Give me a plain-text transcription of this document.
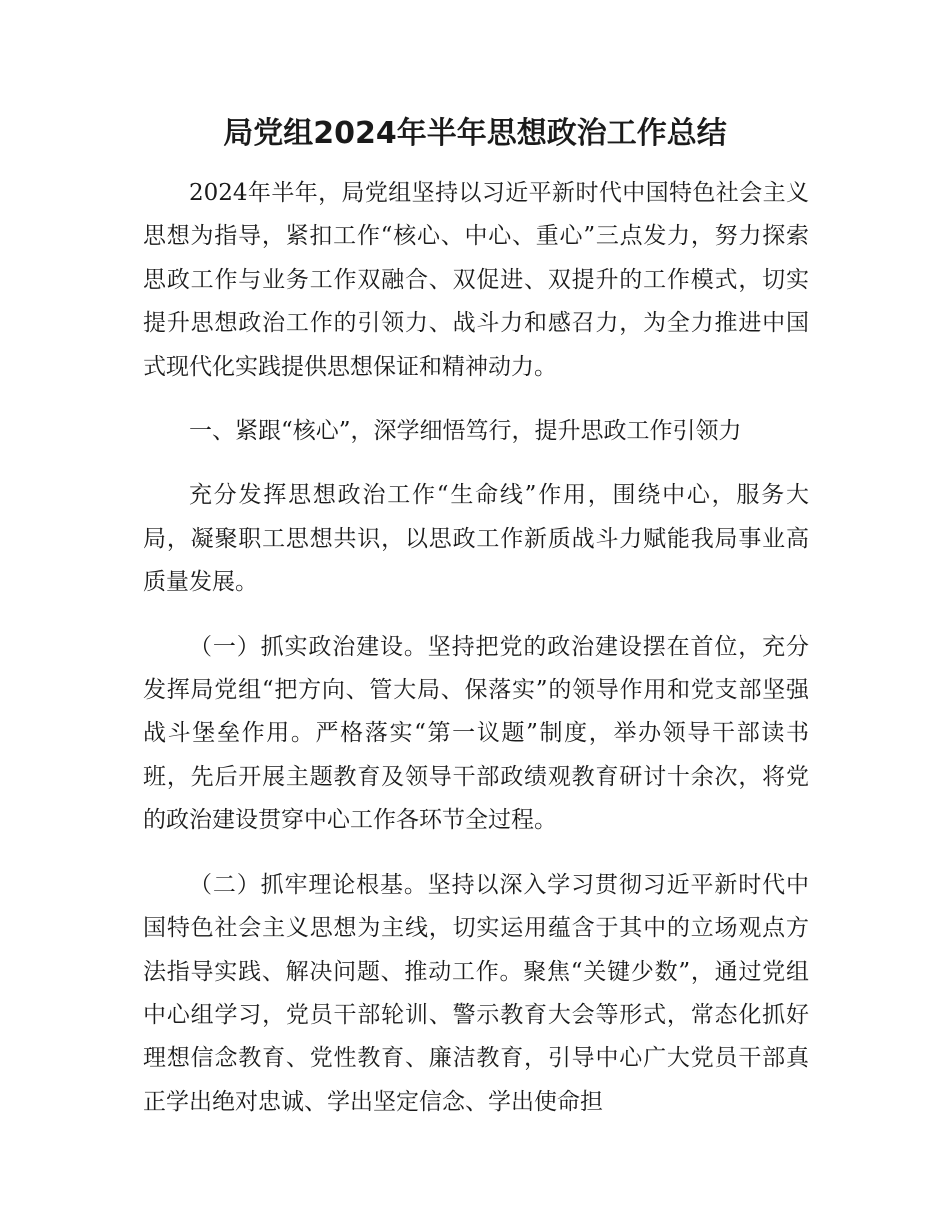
局党组2024年半年思想政治工作总结

2024年半年，局党组坚持以习近平新时代中国特色社会主义思想为指导，紧扣工作“核心、中心、重心”三点发力，努力探索思政工作与业务工作双融合、双促进、双提升的工作模式，切实提升思想政治工作的引领力、战斗力和感召力，为全力推进中国式现代化实践提供思想保证和精神动力。

一、紧跟“核心”，深学细悟笃行，提升思政工作引领力

充分发挥思想政治工作“生命线”作用，围绕中心，服务大局，凝聚职工思想共识，以思政工作新质战斗力赋能我局事业高质量发展。

（一）抓实政治建设。坚持把党的政治建设摆在首位，充分发挥局党组“把方向、管大局、保落实”的领导作用和党支部坚强战斗堡垒作用。严格落实“第一议题”制度，举办领导干部读书班，先后开展主题教育及领导干部政绩观教育研讨十余次，将党的政治建设贯穿中心工作各环节全过程。

（二）抓牢理论根基。坚持以深入学习贯彻习近平新时代中国特色社会主义思想为主线，切实运用蕴含于其中的立场观点方法指导实践、解决问题、推动工作。聚焦“关键少数”，通过党组中心组学习，党员干部轮训、警示教育大会等形式，常态化抓好理想信念教育、党性教育、廉洁教育，引导中心广大党员干部真正学出绝对忠诚、学出坚定信念、学出使命担
